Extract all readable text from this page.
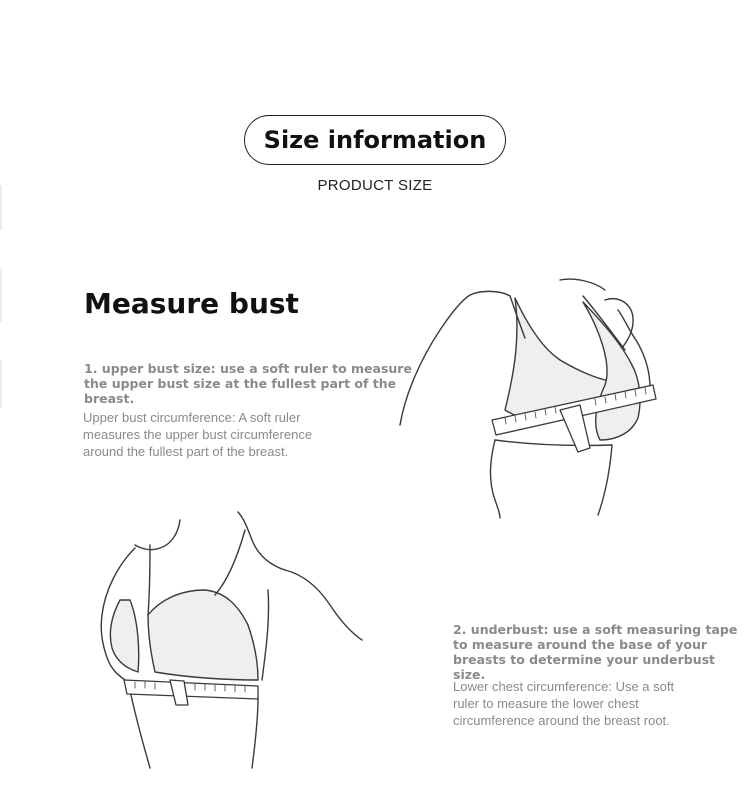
Size information
PRODUCT SIZE
Measure bust
1. upper bust size: use a soft ruler to measure the upper bust size at the fullest part of the breast.
Upper bust circumference: A soft ruler measures the upper bust circumference around the fullest part of the breast.
2. underbust: use a soft measuring tape to measure around the base of your breasts to determine your underbust size.
Lower chest circumference: Use a soft ruler to measure the lower chest circumference around the breast root.
